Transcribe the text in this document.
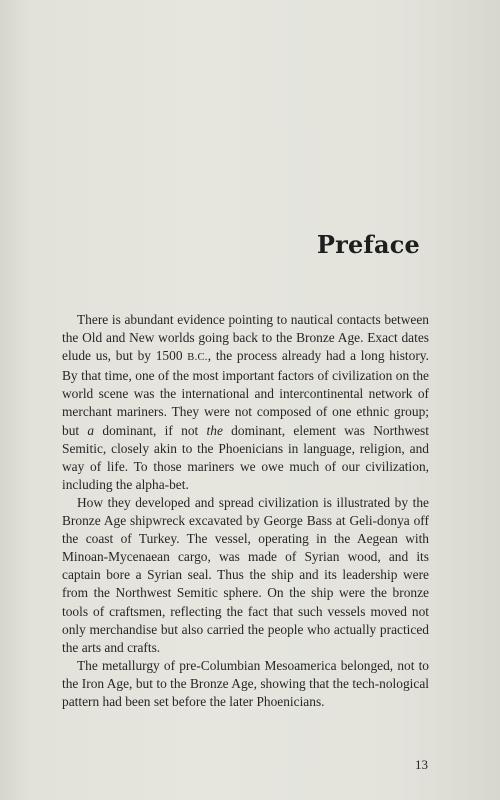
Preface

There is abundant evidence pointing to nautical contacts between the Old and New worlds going back to the Bronze Age. Exact dates elude us, but by 1500 B.C., the process already had a long history. By that time, one of the most important factors of civilization on the world scene was the international and intercontinental network of merchant mariners. They were not composed of one ethnic group; but a dominant, if not the dominant, element was Northwest Semitic, closely akin to the Phoenicians in language, religion, and way of life. To those mariners we owe much of our civilization, including the alpha-bet.

How they developed and spread civilization is illustrated by the Bronze Age shipwreck excavated by George Bass at Geli-donya off the coast of Turkey. The vessel, operating in the Aegean with Minoan-Mycenaean cargo, was made of Syrian wood, and its captain bore a Syrian seal. Thus the ship and its leadership were from the Northwest Semitic sphere. On the ship were the bronze tools of craftsmen, reflecting the fact that such vessels moved not only merchandise but also carried the people who actually practiced the arts and crafts.

The metallurgy of pre-Columbian Mesoamerica belonged, not to the Iron Age, but to the Bronze Age, showing that the tech-nological pattern had been set before the later Phoenicians.

13
